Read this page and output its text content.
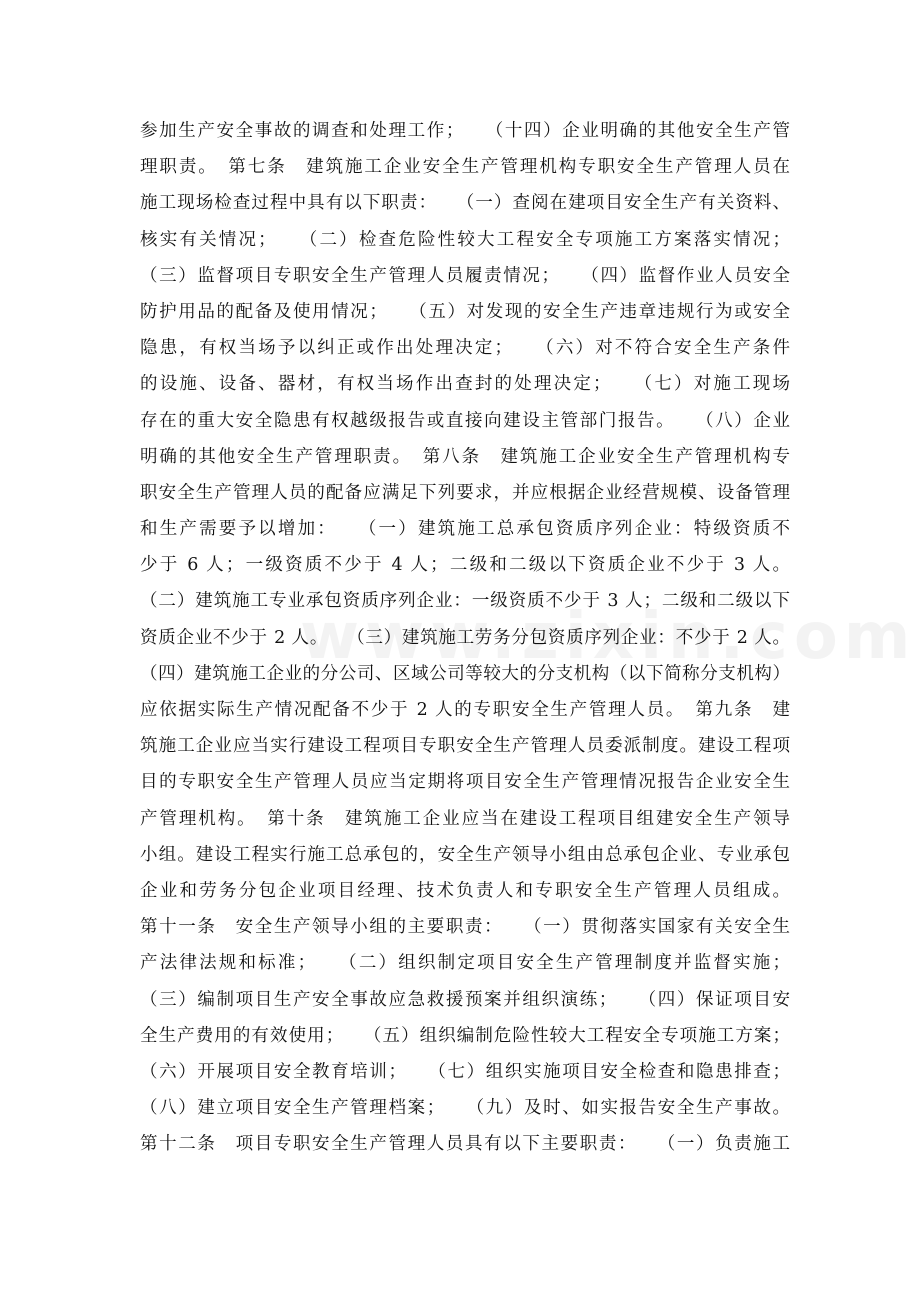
参加生产安全事故的调查和处理工作；　　（十四）企业明确的其他安全生产管
理职责。　第七条　建筑施工企业安全生产管理机构专职安全生产管理人员在
施工现场检查过程中具有以下职责：　　（一）查阅在建项目安全生产有关资料、
核实有关情况；　　（二）检查危险性较大工程安全专项施工方案落实情况；
（三）监督项目专职安全生产管理人员履责情况；　　（四）监督作业人员安全
防护用品的配备及使用情况；　　（五）对发现的安全生产违章违规行为或安全
隐患，有权当场予以纠正或作出处理决定；　　（六）对不符合安全生产条件
的设施、设备、器材，有权当场作出查封的处理决定；　　（七）对施工现场
存在的重大安全隐患有权越级报告或直接向建设主管部门报告。　　（八）企业
明确的其他安全生产管理职责。　第八条　建筑施工企业安全生产管理机构专
职安全生产管理人员的配备应满足下列要求，并应根据企业经营规模、设备管理
和生产需要予以增加：　　（一）建筑施工总承包资质序列企业：特级资质不
少于 6 人；一级资质不少于 4 人；二级和二级以下资质企业不少于 3 人。
（二）建筑施工专业承包资质序列企业：一级资质不少于 3 人；二级和二级以下
资质企业不少于 2 人。　　（三）建筑施工劳务分包资质序列企业：不少于 2 人。
（四）建筑施工企业的分公司、区域公司等较大的分支机构（以下简称分支机构）
应依据实际生产情况配备不少于 2 人的专职安全生产管理人员。　第九条　建
筑施工企业应当实行建设工程项目专职安全生产管理人员委派制度。建设工程项
目的专职安全生产管理人员应当定期将项目安全生产管理情况报告企业安全生
产管理机构。　第十条　建筑施工企业应当在建设工程项目组建安全生产领导
小组。建设工程实行施工总承包的，安全生产领导小组由总承包企业、专业承包
企业和劳务分包企业项目经理、技术负责人和专职安全生产管理人员组成。
第十一条　安全生产领导小组的主要职责：　　（一）贯彻落实国家有关安全生
产法律法规和标准；　　（二）组织制定项目安全生产管理制度并监督实施；
（三）编制项目生产安全事故应急救援预案并组织演练；　　（四）保证项目安
全生产费用的有效使用；　　（五）组织编制危险性较大工程安全专项施工方案；
（六）开展项目安全教育培训；　　（七）组织实施项目安全检查和隐患排查；
（八）建立项目安全生产管理档案；　　（九）及时、如实报告安全生产事故。
第十二条　项目专职安全生产管理人员具有以下主要职责：　　（一）负责施工
